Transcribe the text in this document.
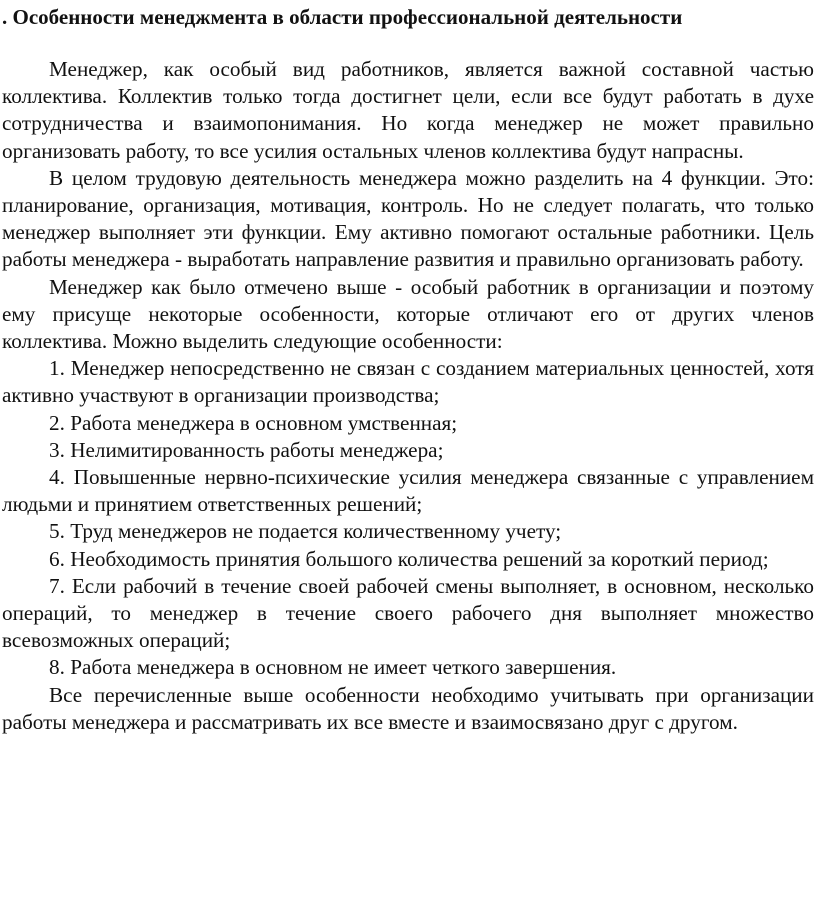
. Особенности менеджмента в области профессиональной деятельности

Менеджер, как особый вид работников, является важной составной частью коллектива. Коллектив только тогда достигнет цели, если все будут работать в духе сотрудничества и взаимопонимания. Но когда менеджер не может правильно организовать работу, то все усилия остальных членов коллектива будут напрасны.

В целом трудовую деятельность менеджера можно разделить на 4 функции. Это: планирование, организация, мотивация, контроль. Но не следует полагать, что только менеджер выполняет эти функции. Ему активно помогают остальные работники. Цель работы менеджера - выработать направление развития и правильно организовать работу.

Менеджер как было отмечено выше - особый работник в организации и поэтому ему присуще некоторые особенности, которые отличают его от других членов коллектива. Можно выделить следующие особенности:

1. Менеджер непосредственно не связан с созданием материальных ценностей, хотя активно участвуют в организации производства;

2. Работа менеджера в основном умственная;

3. Нелимитированность работы менеджера;

4. Повышенные нервно-психические усилия менеджера связанные с управлением людьми и принятием ответственных решений;

5. Труд менеджеров не подается количественному учету;

6. Необходимость принятия большого количества решений за короткий период;

7. Если рабочий в течение своей рабочей смены выполняет, в основном, несколько операций, то менеджер в течение своего рабочего дня выполняет множество всевозможных операций;

8. Работа менеджера в основном не имеет четкого завершения.

Все перечисленные выше особенности необходимо учитывать при организации работы менеджера и рассматривать их все вместе и взаимосвязано друг с другом.
